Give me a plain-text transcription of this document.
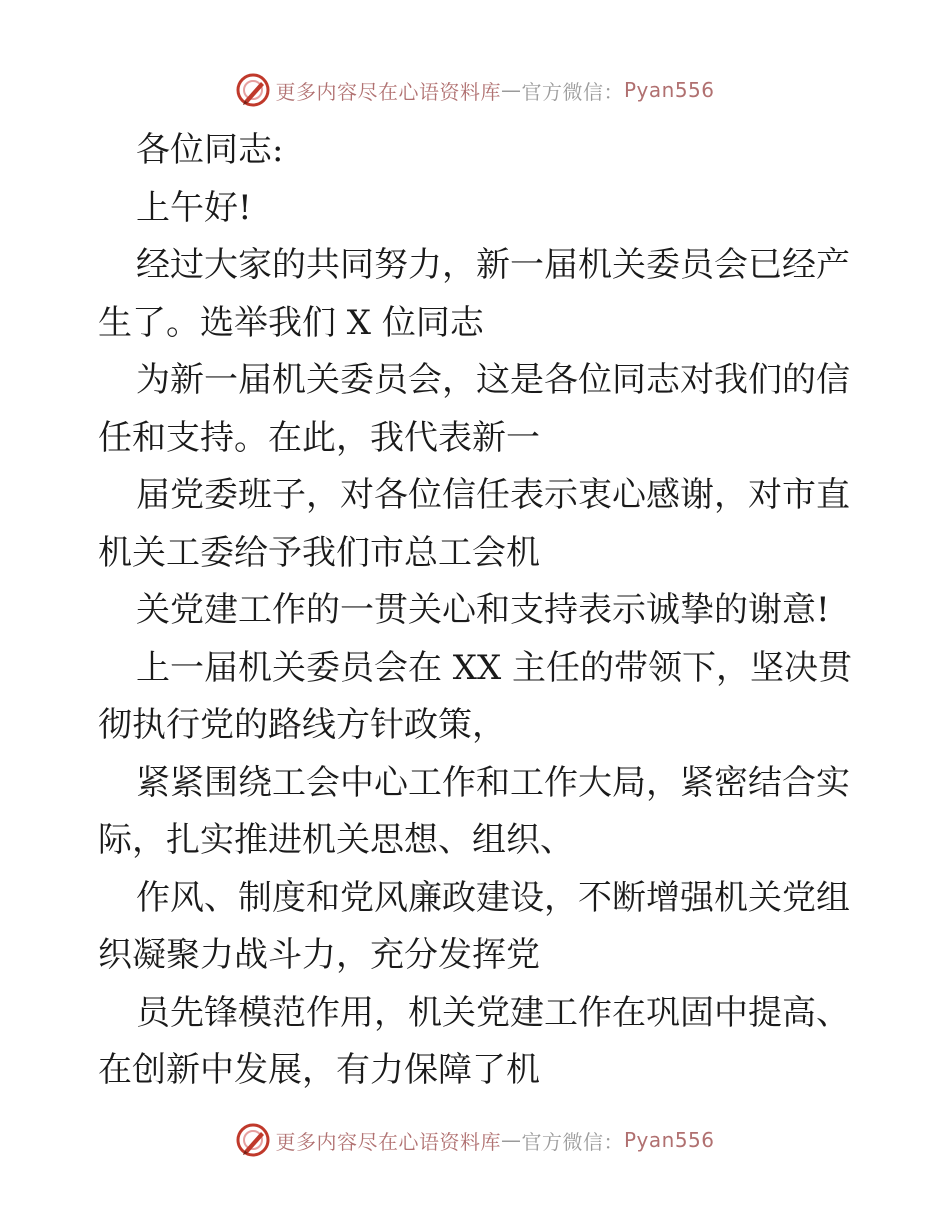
更多内容尽在心语资料库 — 官方微信： Pyan556

各位同志:

上午好!

经过大家的共同努力，新一届机关委员会已经产生了。选举我们 X 位同志

为新一届机关委员会，这是各位同志对我们的信任和支持。在此，我代表新一

届党委班子，对各位信任表示衷心感谢，对市直机关工委给予我们市总工会机

关党建工作的一贯关心和支持表示诚挚的谢意!

上一届机关委员会在 XX 主任的带领下，坚决贯彻执行党的路线方针政策，

紧紧围绕工会中心工作和工作大局，紧密结合实际，扎实推进机关思想、组织、

作风、制度和党风廉政建设，不断增强机关党组织凝聚力战斗力，充分发挥党

员先锋模范作用，机关党建工作在巩固中提高、在创新中发展，有力保障了机

更多内容尽在心语资料库 — 官方微信： Pyan556
